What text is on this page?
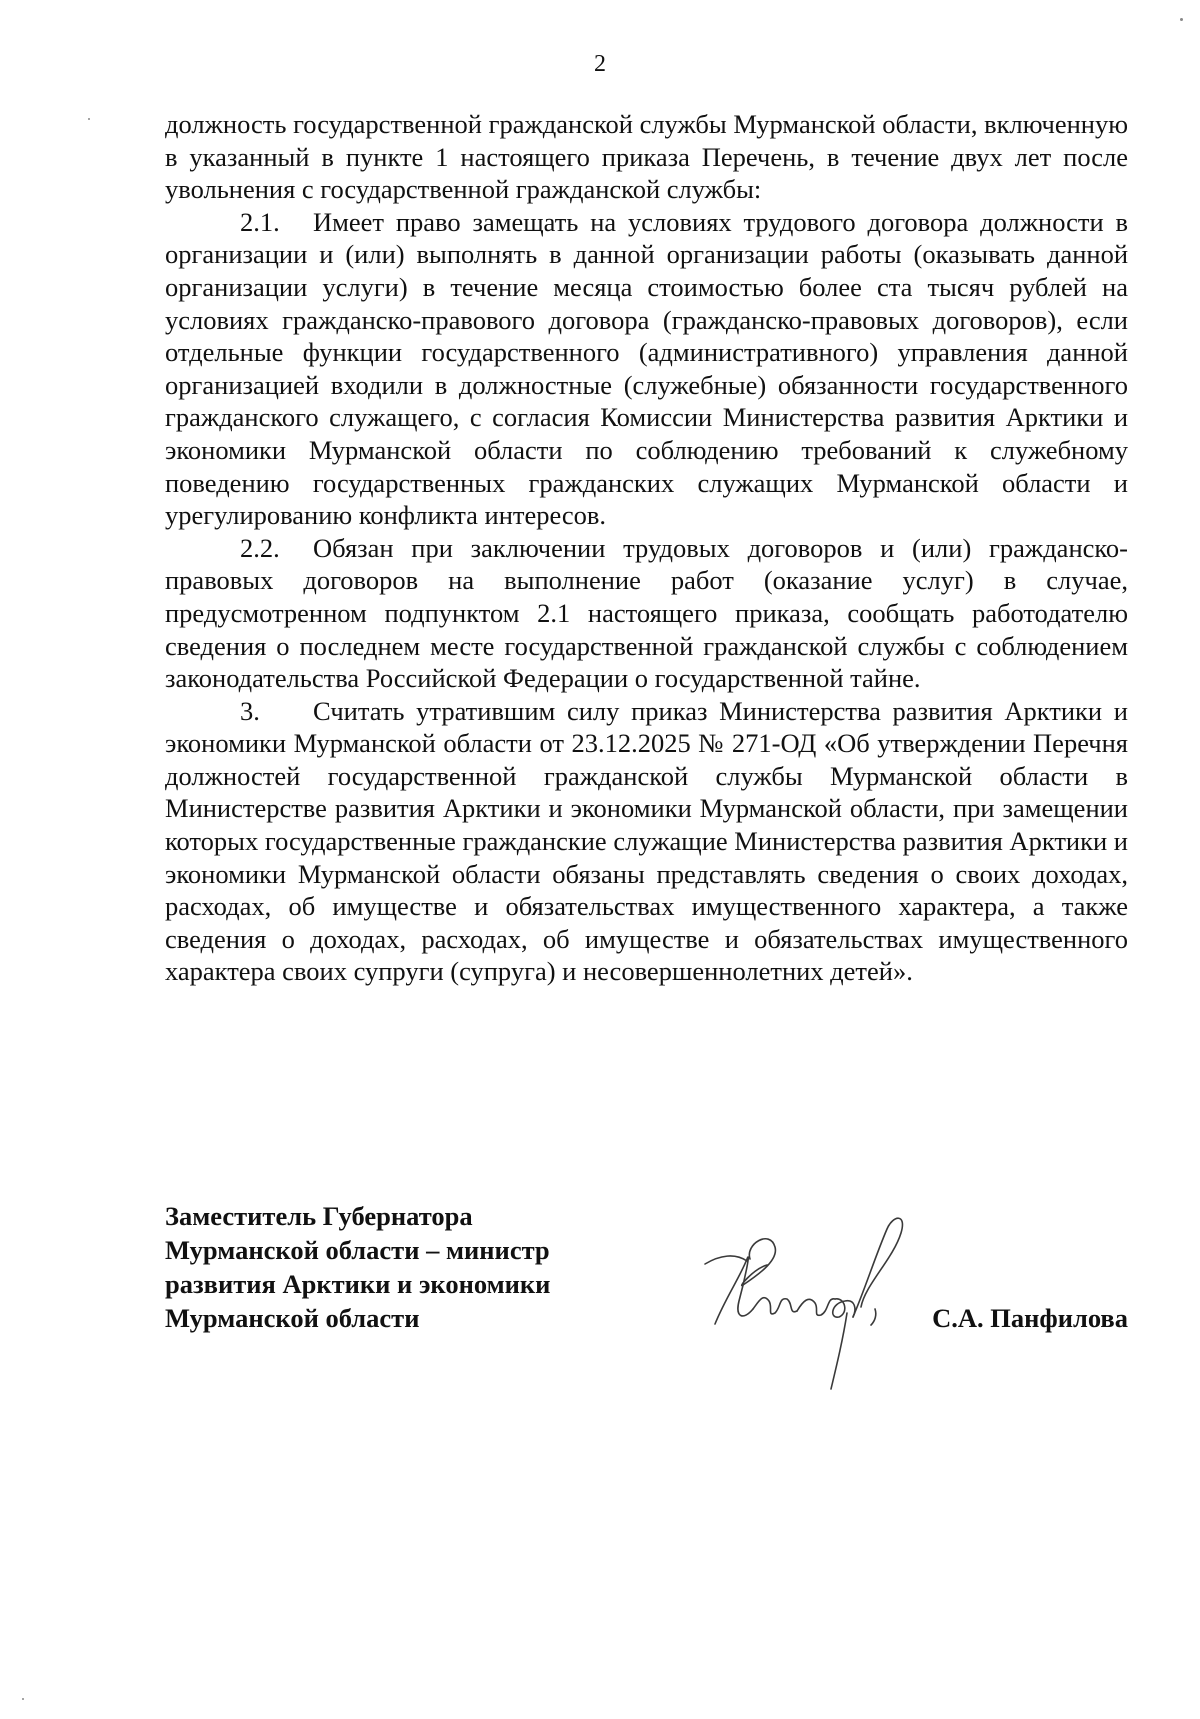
2

должность государственной гражданской службы Мурманской области, включенную в указанный в пункте 1 настоящего приказа Перечень, в течение двух лет после увольнения с государственной гражданской службы:

2.1. Имеет право замещать на условиях трудового договора должности в организации и (или) выполнять в данной организации работы (оказывать данной организации услуги) в течение месяца стоимостью более ста тысяч рублей на условиях гражданско-правового договора (гражданско-правовых договоров), если отдельные функции государственного (административного) управления данной организацией входили в должностные (служебные) обязанности государственного гражданского служащего, с согласия Комиссии Министерства развития Арктики и экономики Мурманской области по соблюдению требований к служебному поведению государственных гражданских служащих Мурманской области и урегулированию конфликта интересов.

2.2. Обязан при заключении трудовых договоров и (или) гражданско-правовых договоров на выполнение работ (оказание услуг) в случае, предусмотренном подпунктом 2.1 настоящего приказа, сообщать работодателю сведения о последнем месте государственной гражданской службы с соблюдением законодательства Российской Федерации о государственной тайне.

3. Считать утратившим силу приказ Министерства развития Арктики и экономики Мурманской области от 23.12.2025 № 271-ОД «Об утверждении Перечня должностей государственной гражданской службы Мурманской области в Министерстве развития Арктики и экономики Мурманской области, при замещении которых государственные гражданские служащие Министерства развития Арктики и экономики Мурманской области обязаны представлять сведения о своих доходах, расходах, об имуществе и обязательствах имущественного характера, а также сведения о доходах, расходах, об имуществе и обязательствах имущественного характера своих супруги (супруга) и несовершеннолетних детей».

Заместитель Губернатора
Мурманской области – министр
развития Арктики и экономики
Мурманской области	С.А. Панфилова
